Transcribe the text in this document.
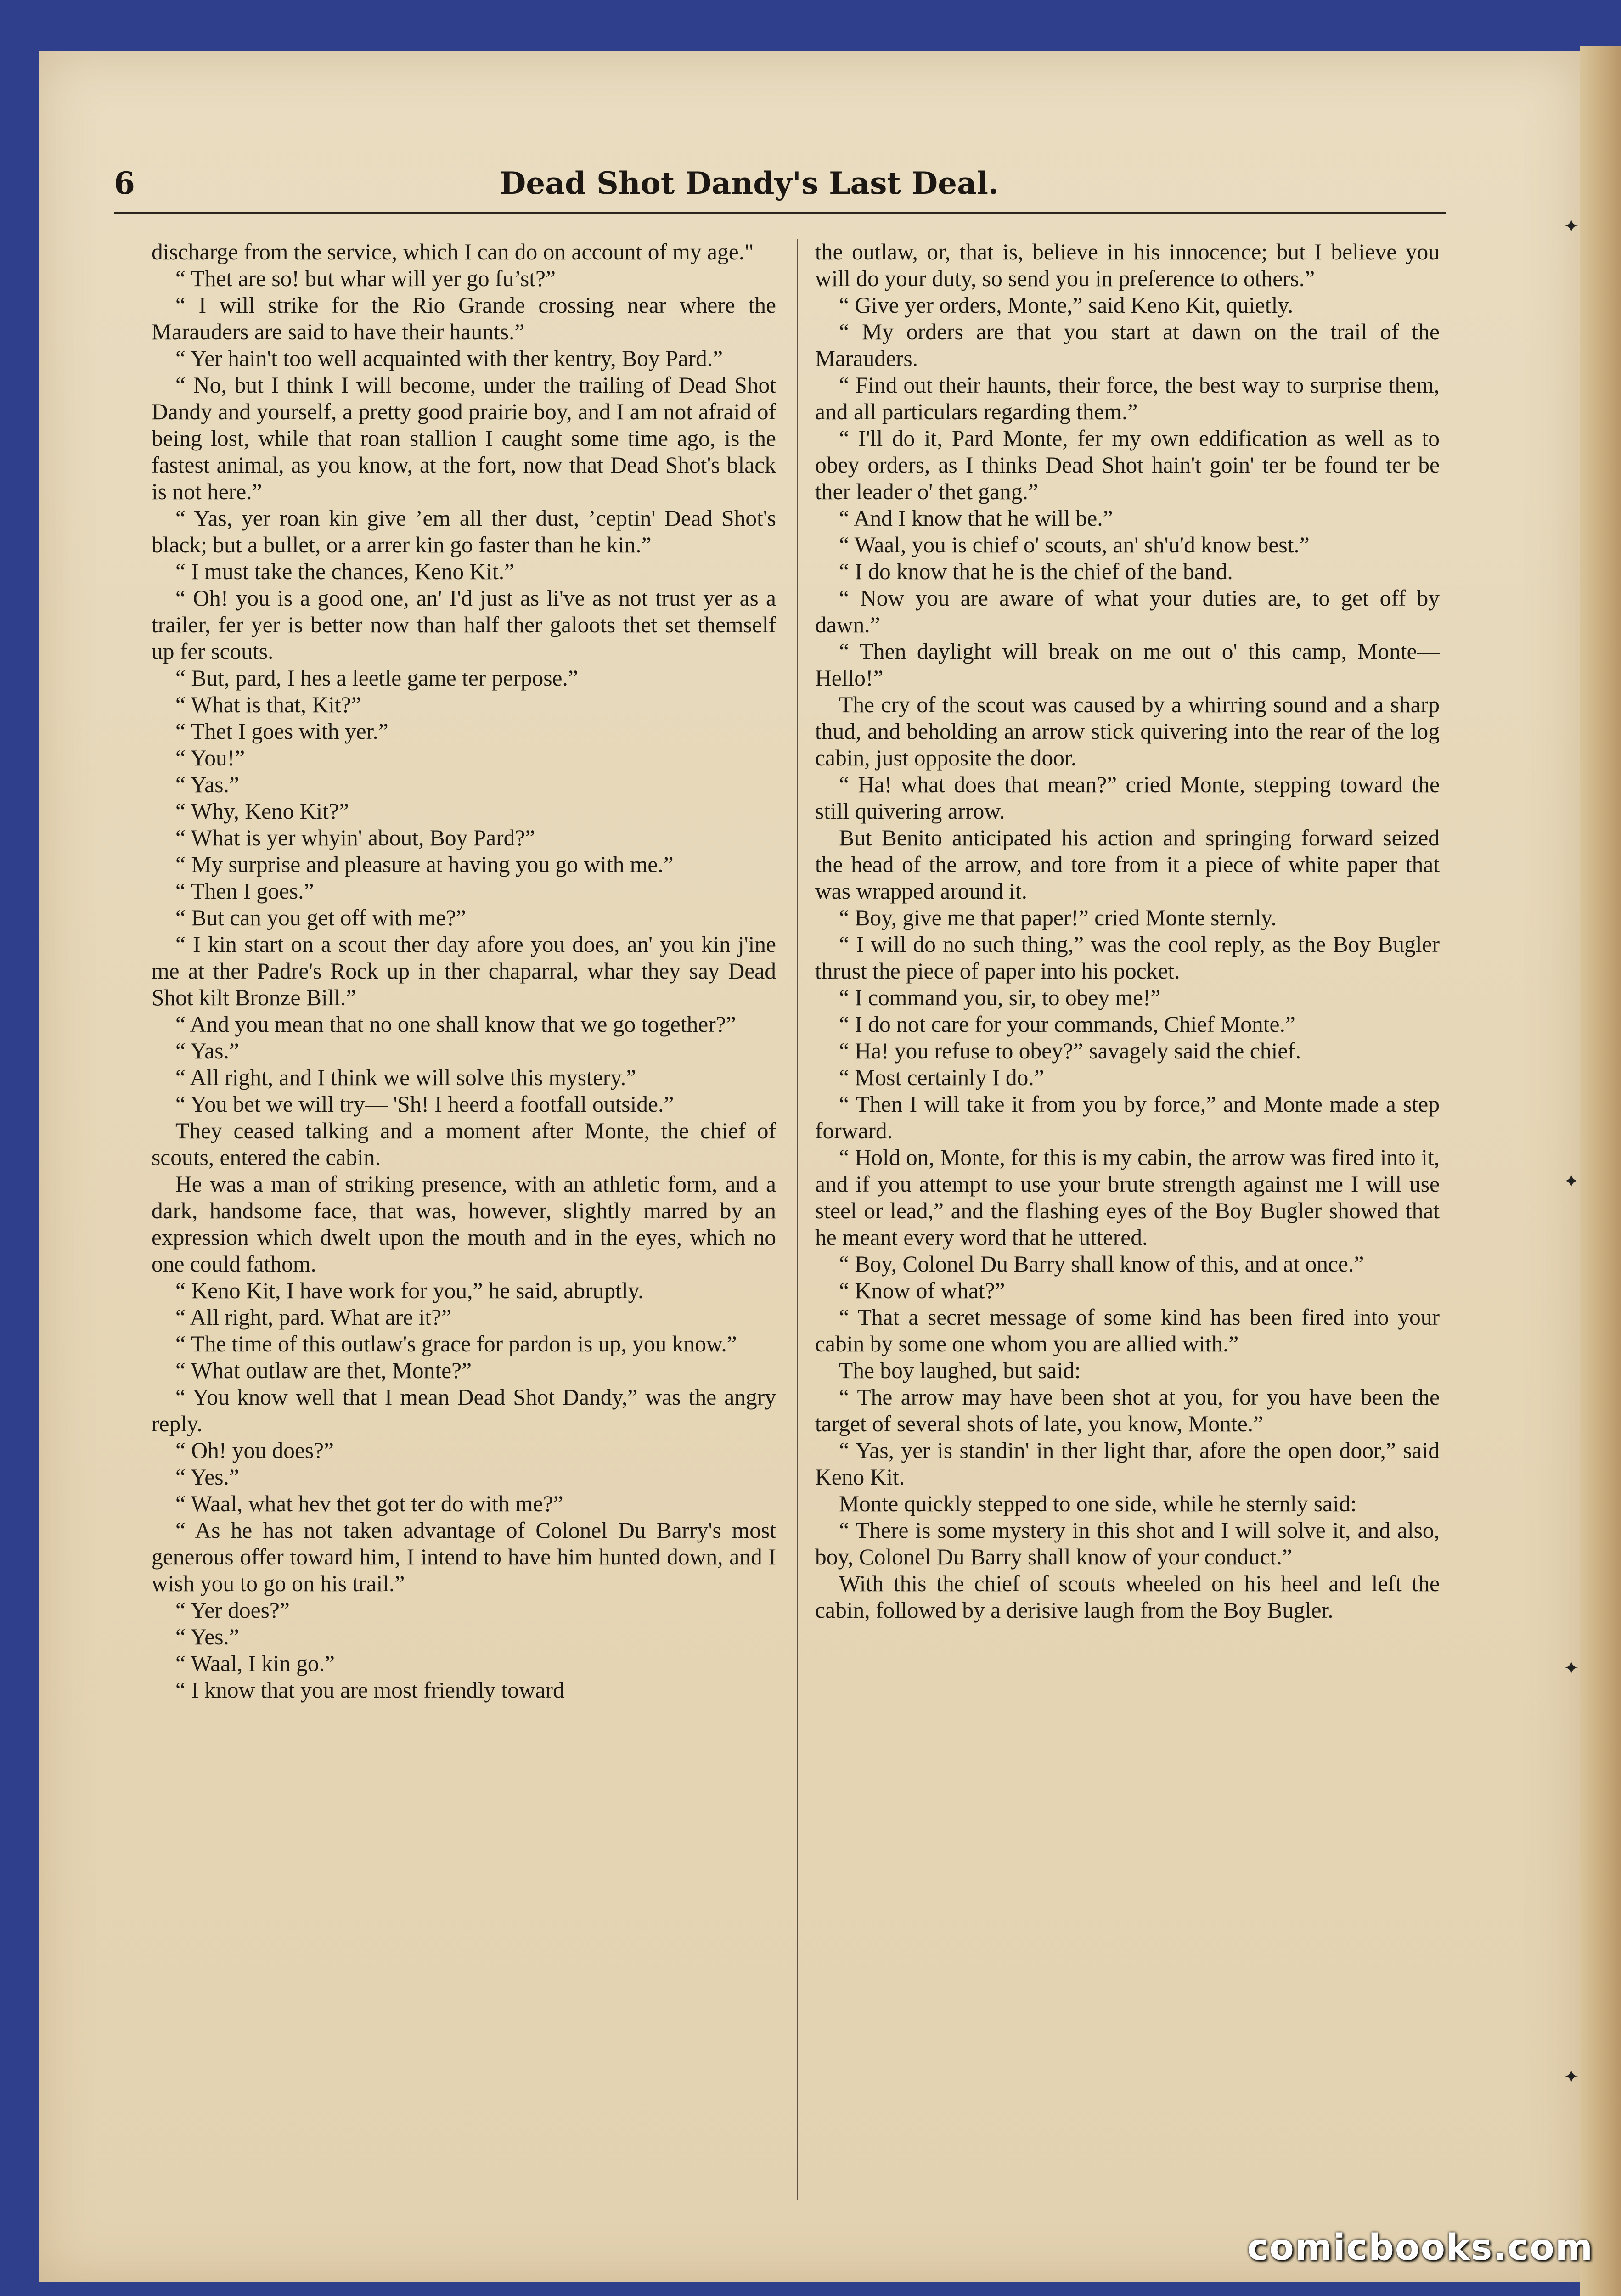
✦
✦
✦
✦
6	Dead Shot Dandy's Last Deal.

discharge from the service, which I can do on account of my age."

“ Thet are so! but whar will yer go fu’st?”

“ I will strike for the Rio Grande crossing near where the Marauders are said to have their haunts.”

“ Yer hain't too well acquainted with ther kentry, Boy Pard.”

“ No, but I think I will become, under the trailing of Dead Shot Dandy and yourself, a pretty good prairie boy, and I am not afraid of being lost, while that roan stallion I caught some time ago, is the fastest animal, as you know, at the fort, now that Dead Shot's black is not here.”

“ Yas, yer roan kin give ’em all ther dust, ’ceptin' Dead Shot's black; but a bullet, or a arrer kin go faster than he kin.”

“ I must take the chances, Keno Kit.”

“ Oh! you is a good one, an' I'd just as li've as not trust yer as a trailer, fer yer is better now than half ther galoots thet set themself up fer scouts.

“ But, pard, I hes a leetle game ter perpose.”

“ What is that, Kit?”

“ Thet I goes with yer.”

“ You!”

“ Yas.”

“ Why, Keno Kit?”

“ What is yer whyin' about, Boy Pard?”

“ My surprise and pleasure at having you go with me.”

“ Then I goes.”

“ But can you get off with me?”

“ I kin start on a scout ther day afore you does, an' you kin j'ine me at ther Padre's Rock up in ther chaparral, whar they say Dead Shot kilt Bronze Bill.”

“ And you mean that no one shall know that we go together?”

“ Yas.”

“ All right, and I think we will solve this mystery.”

“ You bet we will try— 'Sh! I heerd a footfall outside.”

They ceased talking and a moment after Monte, the chief of scouts, entered the cabin.

He was a man of striking presence, with an athletic form, and a dark, handsome face, that was, however, slightly marred by an expression which dwelt upon the mouth and in the eyes, which no one could fathom.

“ Keno Kit, I have work for you,” he said, abruptly.

“ All right, pard. What are it?”

“ The time of this outlaw's grace for pardon is up, you know.”

“ What outlaw are thet, Monte?”

“ You know well that I mean Dead Shot Dandy,” was the angry reply.

“ Oh! you does?”

“ Yes.”

“ Waal, what hev thet got ter do with me?”

“ As he has not taken advantage of Colonel Du Barry's most generous offer toward him, I intend to have him hunted down, and I wish you to go on his trail.”

“ Yer does?”

“ Yes.”

“ Waal, I kin go.”

“ I know that you are most friendly toward

the outlaw, or, that is, believe in his innocence; but I believe you will do your duty, so send you in preference to others.”

“ Give yer orders, Monte,” said Keno Kit, quietly.

“ My orders are that you start at dawn on the trail of the Marauders.

“ Find out their haunts, their force, the best way to surprise them, and all particulars regarding them.”

“ I'll do it, Pard Monte, fer my own eddification as well as to obey orders, as I thinks Dead Shot hain't goin' ter be found ter be ther leader o' thet gang.”

“ And I know that he will be.”

“ Waal, you is chief o' scouts, an' sh'u'd know best.”

“ I do know that he is the chief of the band.

“ Now you are aware of what your duties are, to get off by dawn.”

“ Then daylight will break on me out o' this camp, Monte— Hello!”

The cry of the scout was caused by a whirring sound and a sharp thud, and beholding an arrow stick quivering into the rear of the log cabin, just opposite the door.

“ Ha! what does that mean?” cried Monte, stepping toward the still quivering arrow.

But Benito anticipated his action and springing forward seized the head of the arrow, and tore from it a piece of white paper that was wrapped around it.

“ Boy, give me that paper!” cried Monte sternly.

“ I will do no such thing,” was the cool reply, as the Boy Bugler thrust the piece of paper into his pocket.

“ I command you, sir, to obey me!”

“ I do not care for your commands, Chief Monte.”

“ Ha! you refuse to obey?” savagely said the chief.

“ Most certainly I do.”

“ Then I will take it from you by force,” and Monte made a step forward.

“ Hold on, Monte, for this is my cabin, the arrow was fired into it, and if you attempt to use your brute strength against me I will use steel or lead,” and the flashing eyes of the Boy Bugler showed that he meant every word that he uttered.

“ Boy, Colonel Du Barry shall know of this, and at once.”

“ Know of what?”

“ That a secret message of some kind has been fired into your cabin by some one whom you are allied with.”

The boy laughed, but said:

“ The arrow may have been shot at you, for you have been the target of several shots of late, you know, Monte.”

“ Yas, yer is standin' in ther light thar, afore the open door,” said Keno Kit.

Monte quickly stepped to one side, while he sternly said:

“ There is some mystery in this shot and I will solve it, and also, boy, Colonel Du Barry shall know of your conduct.”

With this the chief of scouts wheeled on his heel and left the cabin, followed by a derisive laugh from the Boy Bugler.

comicbooks.com
